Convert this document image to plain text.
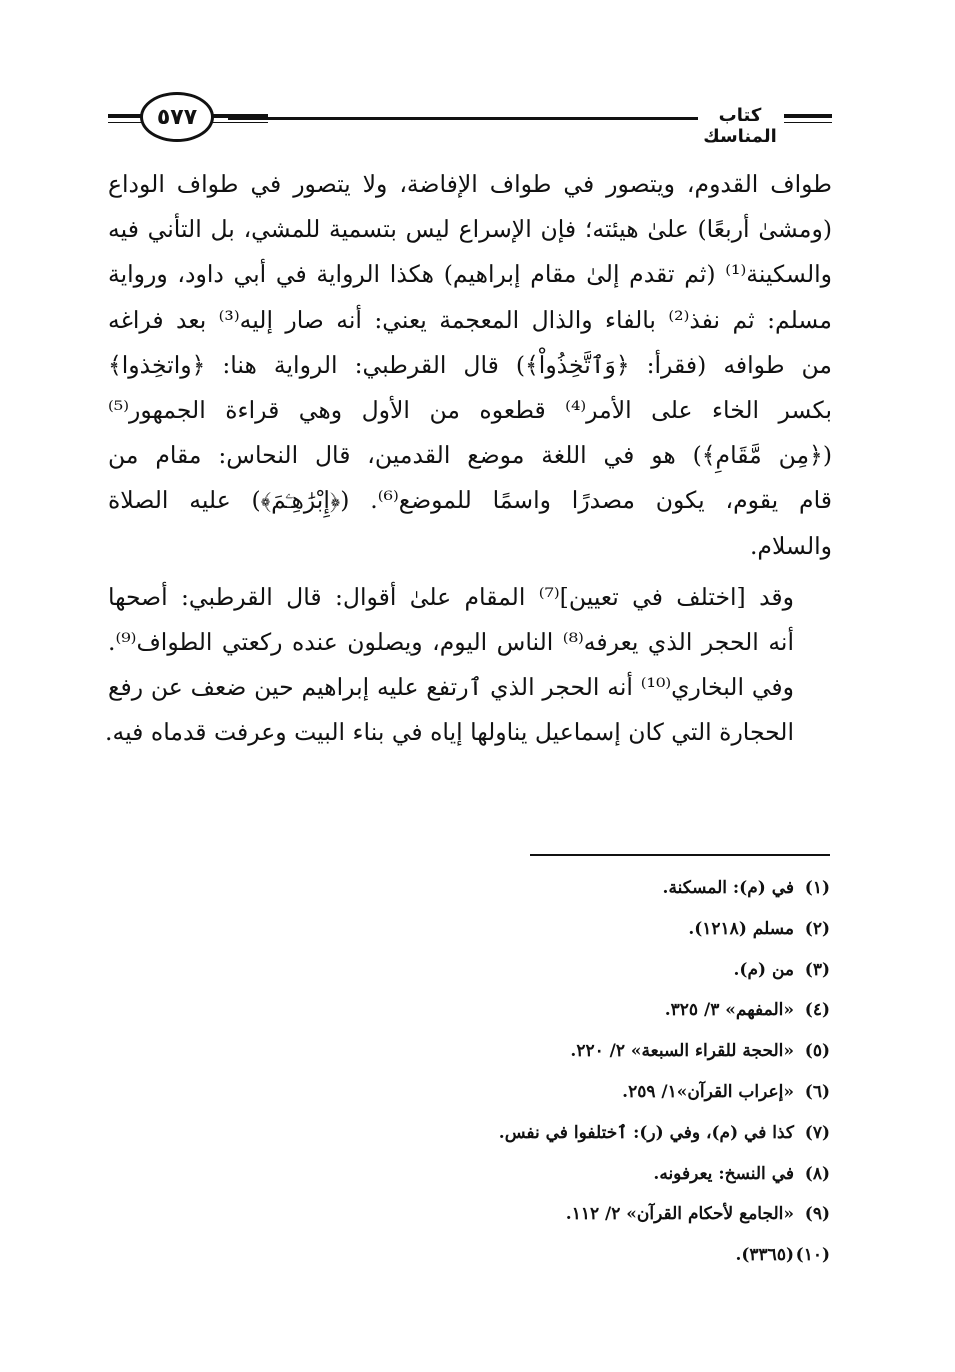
٥٧٧	كتاب المناسك

طواف القدوم، ويتصور في طواف الإفاضة، ولا يتصور في طواف الوداع
(ومشىٰ أربعًا) علىٰ هيئته؛ فإن الإسراع ليس بتسمية للمشي، بل التأني فيه
والسكينة⁽¹⁾ (ثم تقدم إلىٰ مقام إبراهيم) هكذا الرواية في أبي داود، ورواية
مسلم: ثم نفذ⁽²⁾ بالفاء والذال المعجمة يعني: أنه صار إليه⁽³⁾ بعد فراغه
من طوافه (فقرأ: ﴿وَٱتَّخِذُواْ﴾) قال القرطبي: الرواية هنا: ﴿واتخِذوا﴾
بكسر الخاء على الأمر⁽⁴⁾ قطعوه من الأول وهي قراءة الجمهور⁽⁵⁾
(﴿مِن مَّقَامِ﴾) هو في اللغة موضع القدمين، قال النحاس: مقام من
قام يقوم، يكون مصدرًا واسمًا للموضع⁽⁶⁾. (﴿إِبْرَٰهِـۧمَ﴾) عليه الصلاة
والسلام.

وقد [اختلف في تعيين]⁽⁷⁾ المقام علىٰ أقوال: قال القرطبي: أصحها
أنه الحجر الذي يعرفه⁽⁸⁾ الناس اليوم، ويصلون عنده ركعتي الطواف⁽⁹⁾.
وفي البخاري⁽¹⁰⁾ أنه الحجر الذي ٱرتفع عليه إبراهيم حين ضعف عن رفع
الحجارة التي كان إسماعيل يناولها إياه في بناء البيت وعرفت قدماه فيه.

(١)
في (م): المسكنة.
(٢)
مسلم (١٢١٨).
(٣)
من (م).
(٤)
«المفهم» ٣/ ٣٢٥.
(٥)
«الحجة للقراء السبعة» ٢/ ٢٢٠.
(٦)
«إعراب القرآن»١/ ٢٥٩.
(٧)
كذا في (م)، وفي (ر): ٱختلفوا في نفس.
(٨)
في النسخ: يعرفونه.
(٩)
«الجامع لأحكام القرآن» ٢/ ١١٢.
(١٠)
(٣٣٦٥).
